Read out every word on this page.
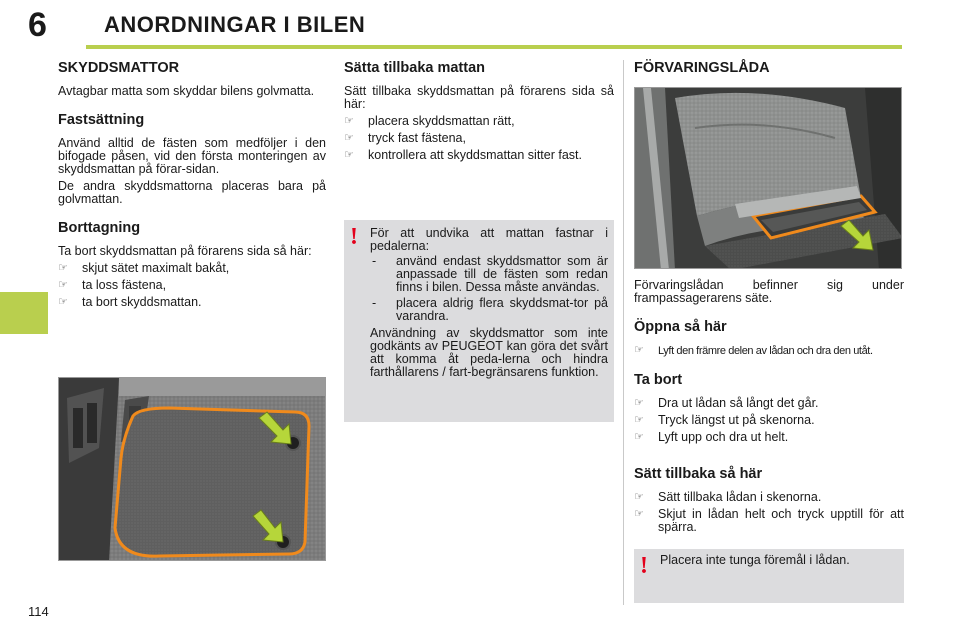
6	ANORDNINGAR I BILEN
SKYDDSMATTOR

Avtagbar matta som skyddar bilens golvmatta.

Fastsättning

Använd alltid de fästen som medföljer i den bifogade påsen, vid den första monteringen av skyddsmattan på förar-sidan.

De andra skyddsmattorna placeras bara på golvmattan.

Borttagning

Ta bort skyddsmattan på förarens sida så här:

☞ skjut sätet maximalt bakåt,
☞ ta loss fästena,
☞ ta bort skyddsmattan.
Sätta tillbaka mattan

Sätt tillbaka skyddsmattan på förarens sida så här:

☞ placera skyddsmattan rätt,
☞ tryck fast fästena,
☞ kontrollera att skyddsmattan sitter fast.
! För att undvika att mattan fastnar i pedalerna:
- använd endast skyddsmattor som är anpassade till de fästen som redan finns i bilen. Dessa måste användas.
- placera aldrig flera skyddsmat-tor på varandra.
Användning av skyddsmattor som inte godkänts av PEUGEOT kan göra det svårt att komma åt peda-lerna och hindra farthållarens / fart-begränsarens funktion.
FÖRVARINGSLÅDA

Förvaringslådan befinner sig under frampassagerarens säte.

Öppna så här
☞ Lyft den främre delen av lådan och dra den utåt.
Ta bort
☞ Dra ut lådan så långt det går.
☞ Tryck längst ut på skenorna.
☞ Lyft upp och dra ut helt.
Sätt tillbaka så här
☞ Sätt tillbaka lådan i skenorna.
☞ Skjut in lådan helt och tryck upptill för att spärra.
! Placera inte tunga föremål i lådan.
114
